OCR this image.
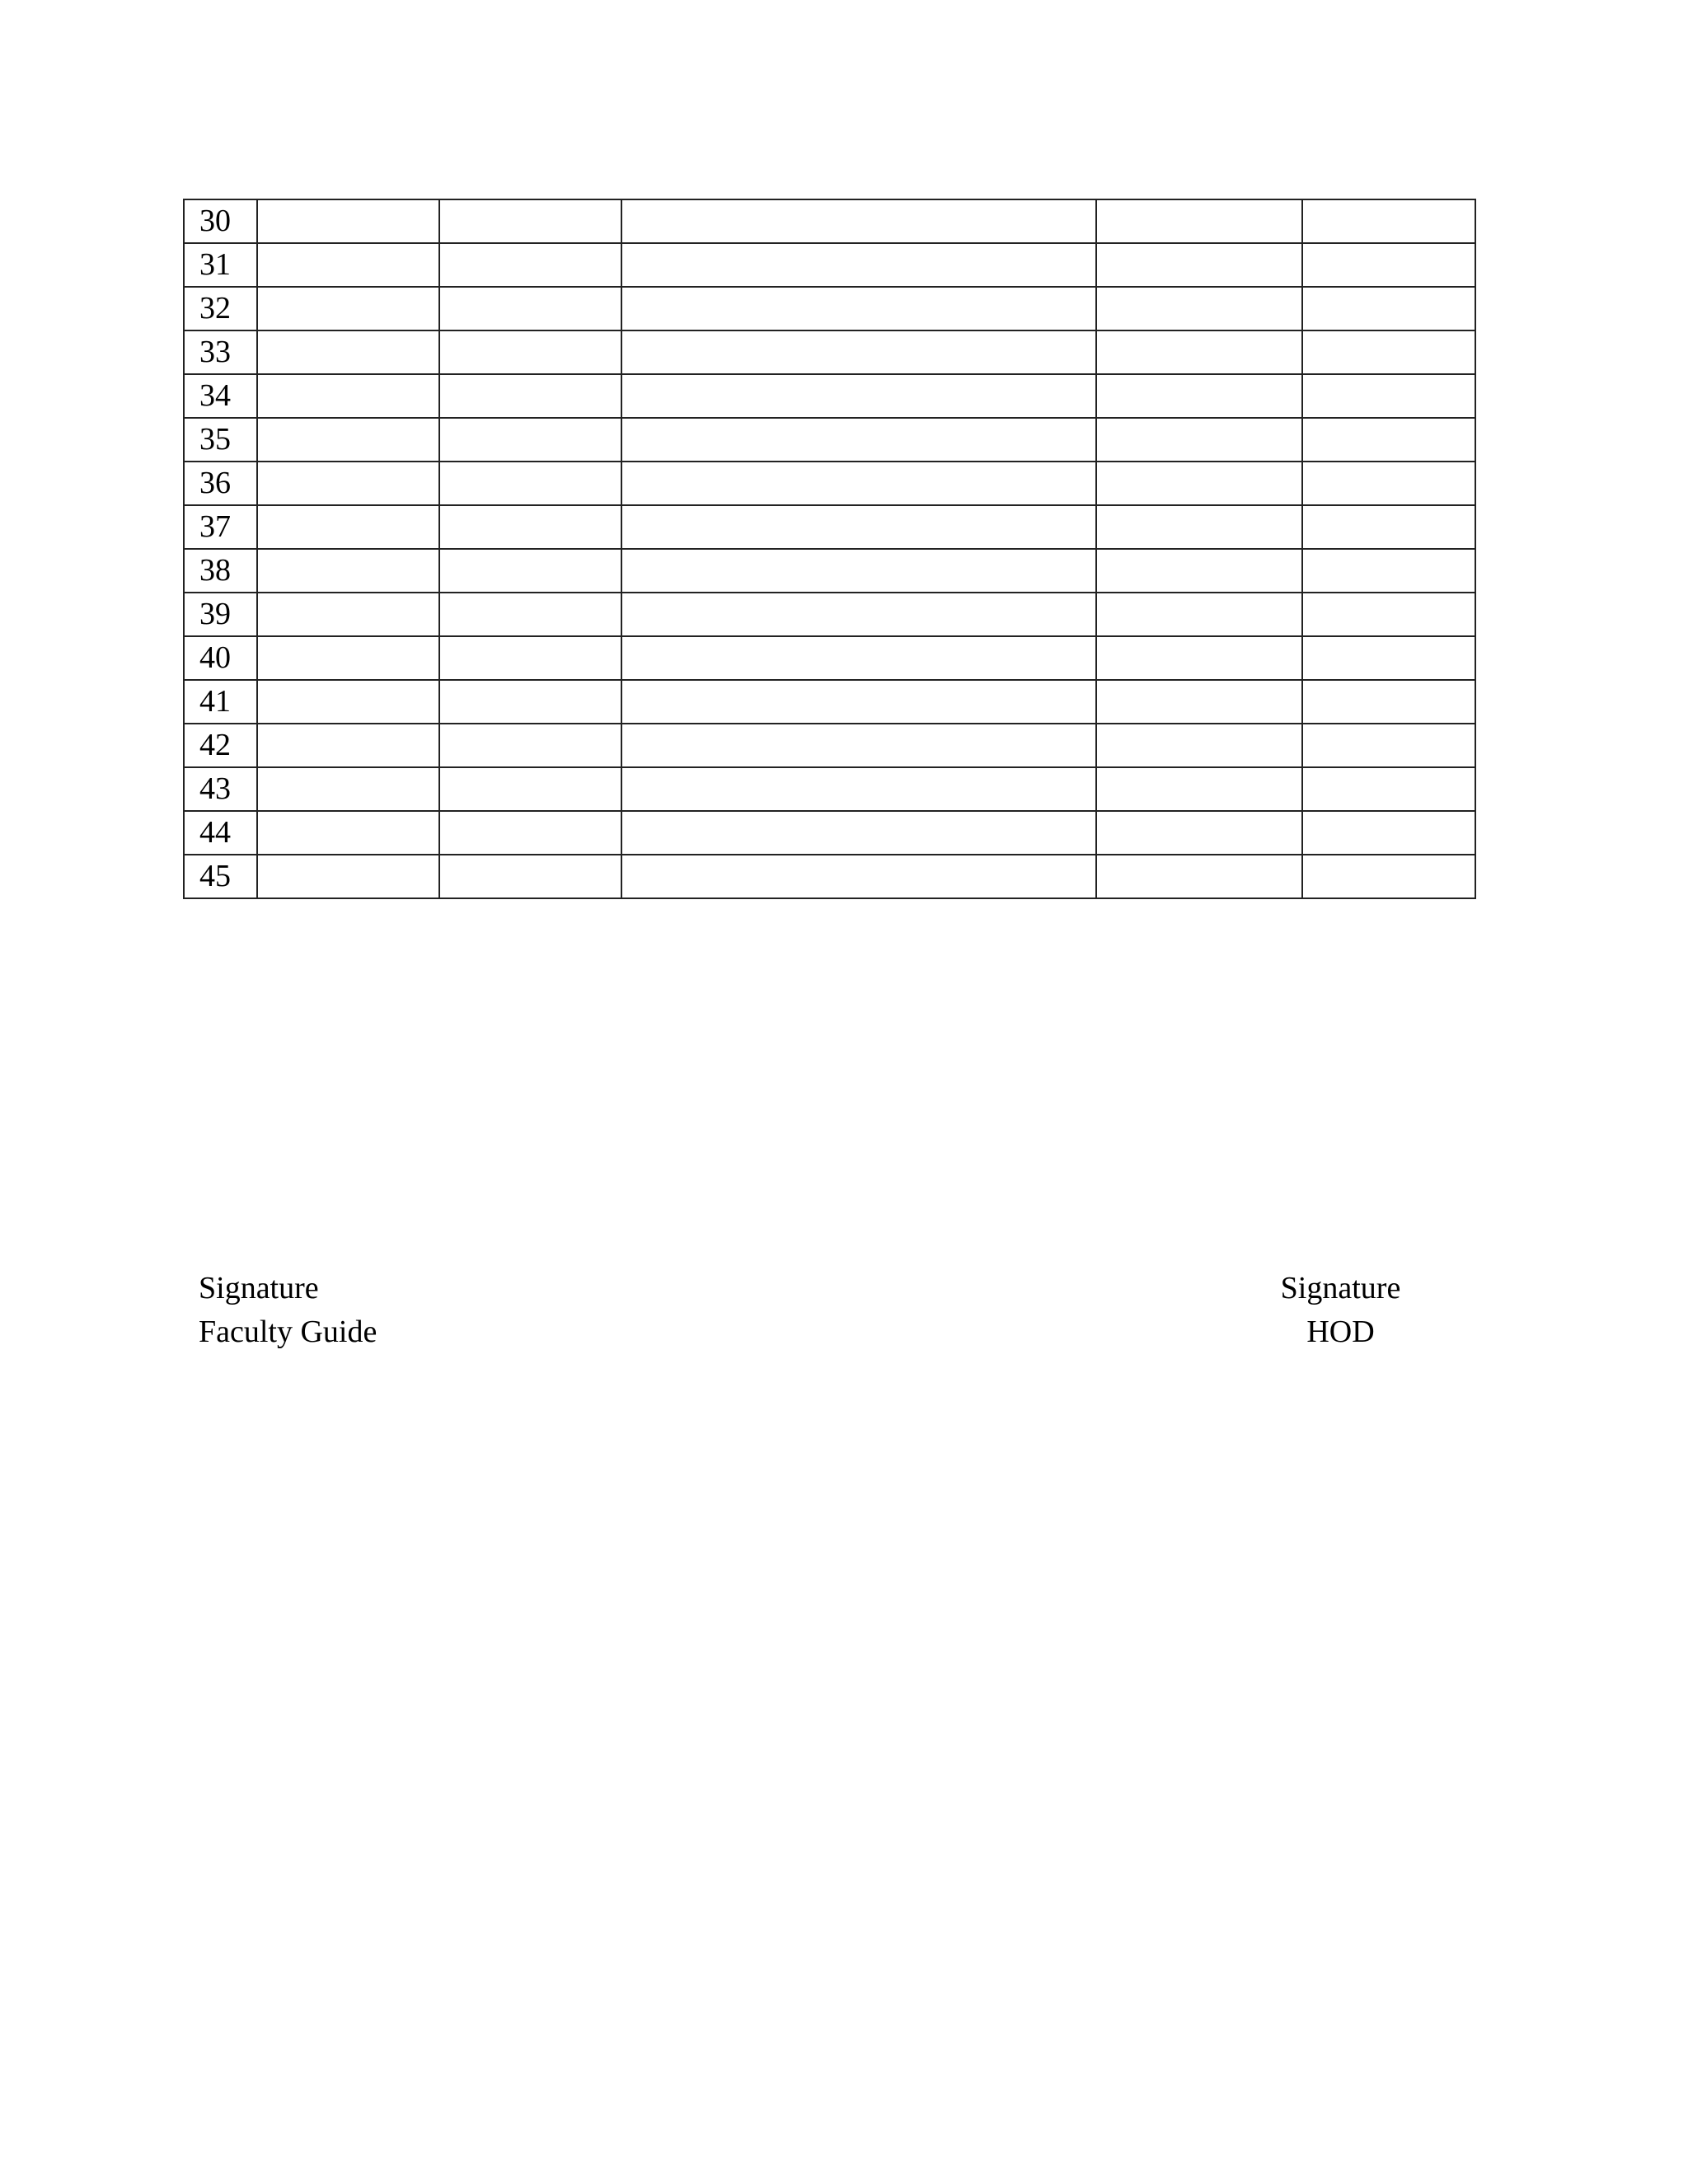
30					
31					
32					
33					
34					
35					
36					
37					
38					
39					
40					
41					
42					
43					
44					
45					
Signature
Faculty Guide
Signature
HOD
